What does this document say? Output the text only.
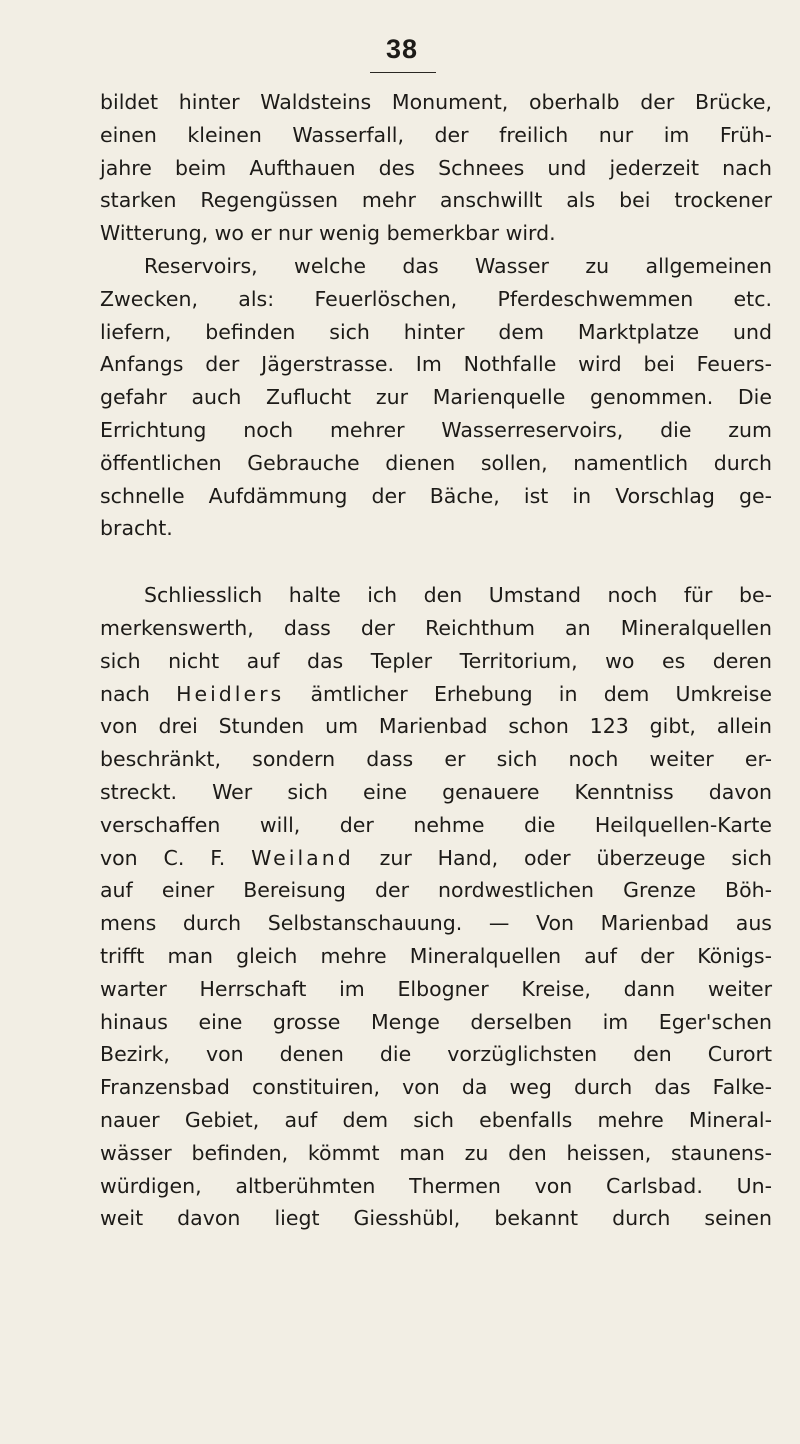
38
bildet hinter Waldsteins Monument, oberhalb der Brücke,
einen kleinen Wasserfall, der freilich nur im Früh-
jahre beim Aufthauen des Schnees und jederzeit nach
starken Regengüssen mehr anschwillt als bei trockener
Witterung, wo er nur wenig bemerkbar wird.
Reservoirs, welche das Wasser zu allgemeinen
Zwecken, als: Feuerlöschen, Pferdeschwemmen etc.
liefern, befinden sich hinter dem Marktplatze und
Anfangs der Jägerstrasse. Im Nothfalle wird bei Feuers-
gefahr auch Zuflucht zur Marienquelle genommen. Die
Errichtung noch mehrer Wasserreservoirs, die zum
öffentlichen Gebrauche dienen sollen, namentlich durch
schnelle Aufdämmung der Bäche, ist in Vorschlag ge-
bracht.
Schliesslich halte ich den Umstand noch für be-
merkenswerth, dass der Reichthum an Mineralquellen
sich nicht auf das Tepler Territorium, wo es deren
nach Heidlers ämtlicher Erhebung in dem Umkreise
von drei Stunden um Marienbad schon 123 gibt, allein
beschränkt, sondern dass er sich noch weiter er-
streckt. Wer sich eine genauere Kenntniss davon
verschaffen will, der nehme die Heilquellen-Karte
von C. F. Weiland zur Hand, oder überzeuge sich
auf einer Bereisung der nordwestlichen Grenze Böh-
mens durch Selbstanschauung. — Von Marienbad aus
trifft man gleich mehre Mineralquellen auf der Königs-
warter Herrschaft im Elbogner Kreise, dann weiter
hinaus eine grosse Menge derselben im Eger'schen
Bezirk, von denen die vorzüglichsten den Curort
Franzensbad constituiren, von da weg durch das Falke-
nauer Gebiet, auf dem sich ebenfalls mehre Mineral-
wässer befinden, kömmt man zu den heissen, staunens-
würdigen, altberühmten Thermen von Carlsbad. Un-
weit davon liegt Giesshübl, bekannt durch seinen
